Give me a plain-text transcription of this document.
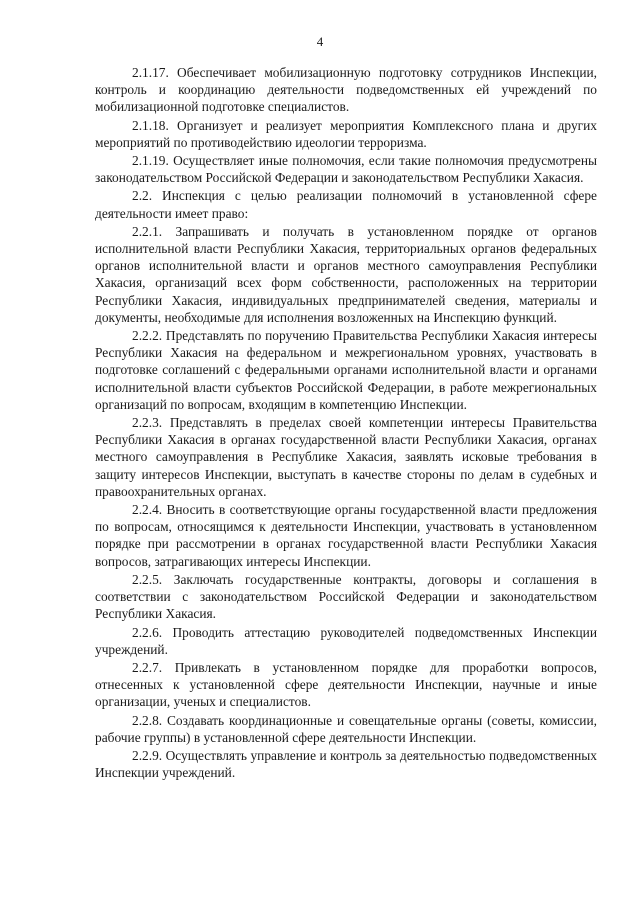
4

2.1.17. Обеспечивает мобилизационную подготовку сотрудников Инспекции, контроль и координацию деятельности подведомственных ей учреждений по мобилизационной подготовке специалистов.

2.1.18. Организует и реализует мероприятия Комплексного плана и других мероприятий по противодействию идеологии терроризма.

2.1.19. Осуществляет иные полномочия, если такие полномочия предусмотрены законодательством Российской Федерации и законодательством Республики Хакасия.

2.2. Инспекция с целью реализации полномочий в установленной сфере деятельности имеет право:

2.2.1. Запрашивать и получать в установленном порядке от органов исполнительной власти Республики Хакасия, территориальных органов федеральных органов исполнительной власти и органов местного самоуправления Республики Хакасия, организаций всех форм собственности, расположенных на территории Республики Хакасия, индивидуальных предпринимателей сведения, материалы и документы, необходимые для исполнения возложенных на Инспекцию функций.

2.2.2. Представлять по поручению Правительства Республики Хакасия интересы Республики Хакасия на федеральном и межрегиональном уровнях, участвовать в подготовке соглашений с федеральными органами исполнительной власти и органами исполнительной власти субъектов Российской Федерации, в работе межрегиональных организаций по вопросам, входящим в компетенцию Инспекции.

2.2.3. Представлять в пределах своей компетенции интересы Правительства Республики Хакасия в органах государственной власти Республики Хакасия, органах местного самоуправления в Республике Хакасия, заявлять исковые требования в защиту интересов Инспекции, выступать в качестве стороны по делам в судебных и правоохранительных органах.

2.2.4. Вносить в соответствующие органы государственной власти предложения по вопросам, относящимся к деятельности Инспекции, участвовать в установленном порядке при рассмотрении в органах государственной власти Республики Хакасия вопросов, затрагивающих интересы Инспекции.

2.2.5. Заключать государственные контракты, договоры и соглашения в соответствии с законодательством Российской Федерации и законодательством Республики Хакасия.

2.2.6. Проводить аттестацию руководителей подведомственных Инспекции учреждений.

2.2.7. Привлекать в установленном порядке для проработки вопросов, отнесенных к установленной сфере деятельности Инспекции, научные и иные организации, ученых и специалистов.

2.2.8. Создавать координационные и совещательные органы (советы, комиссии, рабочие группы) в установленной сфере деятельности Инспекции.

2.2.9. Осуществлять управление и контроль за деятельностью подведомственных Инспекции учреждений.
